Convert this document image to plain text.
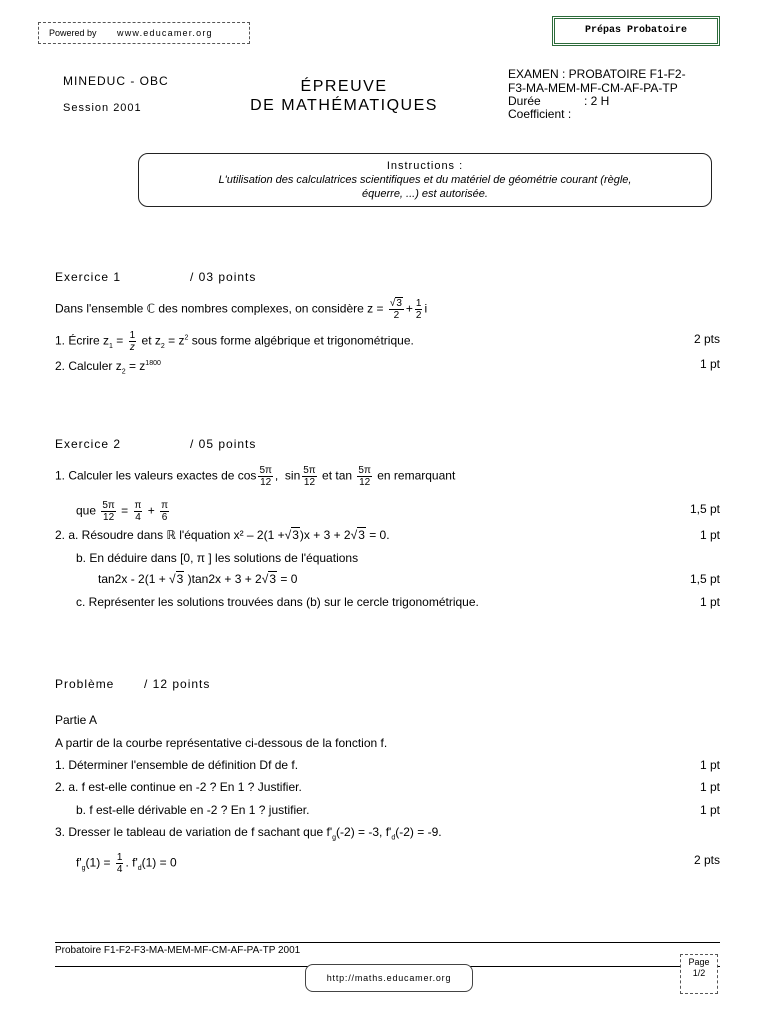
Powered by www.educamer.org	Prépas Probatoire
MINEDUC - OBC
Session 2001
ÉPREUVE
DE MATHÉMATIQUES
EXAMEN : PROBATOIRE F1-F2-
F3-MA-MEM-MF-CM-AF-PA-TP
Durée	: 2 H
Coefficient :
Instructions :
L'utilisation des calculatrices scientifiques et du matériel de géométrie courant (règle,
équerre, ...) est autorisée.
Exercice 1	/ 03 points
Dans l'ensemble ℂ des nombres complexes, on considère $z = \frac{√3}{2} + \frac{1}{2}$ i
1. Écrire $z_1 = \frac{1}{z}$ et $z_2 = z^2$ sous forme algébrique et trigonométrique.	2 pts
2. Calculer $z_2 = z^{1800}$	1 pt
Exercice 2	/ 05 points
1. Calculer les valeurs exactes de $\cos \frac{5\pi}{12}$ ,  $\sin \frac{5\pi}{12}$ et $\tan \frac{5\pi}{12}$ en remarquant
que $\frac{5\pi}{12} = \frac{\pi}{4} + \frac{\pi}{6}$	1,5 pt
2. a. Résoudre dans ℝ l'équation x² – 2(1 +√3)x + 3 + 2√3 = 0.	1 pt
b. En déduire dans [0, π ] les solutions de l'équations
tan2x - 2(1 + √3 )tan2x + 3 + 2√3 = 0	1,5 pt
c. Représenter les solutions trouvées dans (b) sur le cercle trigonométrique.	1 pt
Problème / 12 points
Partie A
A partir de la courbe représentative ci-dessous de la fonction f.
1. Déterminer l'ensemble de définition Df de f.	1 pt
2. a. f est-elle continue en -2 ? En 1 ? Justifier.	1 pt
b. f est-elle dérivable en -2 ? En 1 ? justifier.	1 pt
3. Dresser le tableau de variation de f sachant que $f'_g(-2) = -3$, $f'_d(-2) = -9$.
$f'_g(1) = \frac{1}{4}$ . $f'_d(1) = 0$	2 pts
Probatoire F1-F2-F3-MA-MEM-MF-CM-AF-PA-TP 2001
http://maths.educamer.org
Page
1/2
